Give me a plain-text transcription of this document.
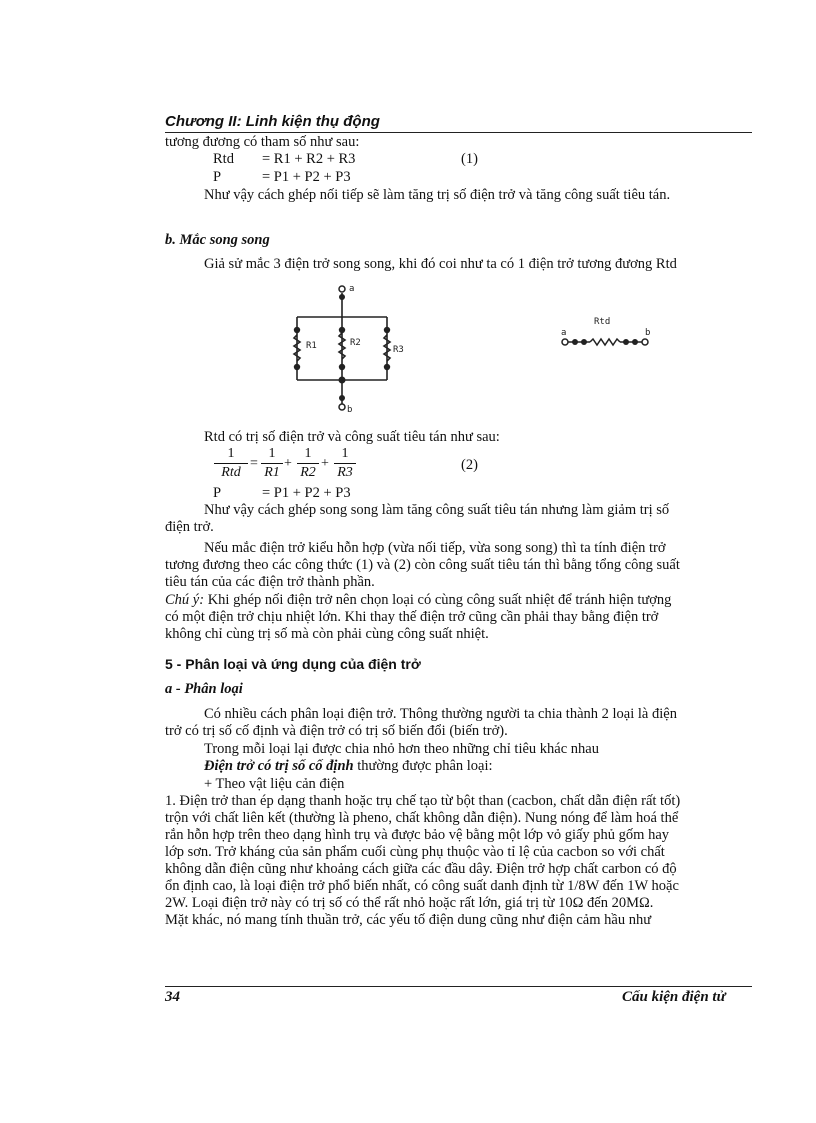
Chương II: Linh kiện thụ động
tương đương có tham số như sau:
Rtd = R1 + R2 + R3	(1)
P	= P1 + P2 + P3
Như vậy cách ghép nối tiếp sẽ làm tăng trị số điện trở và tăng công suất tiêu tán.
b. Mắc song song
Giả sử mắc 3 điện trở song song, khi đó coi như ta có 1 điện trở tương đương Rtd
a
b
R1	R2
R3
Rtd
a	b
Rtd có trị số điện trở và công suất tiêu tán như sau:
1
Rtd
=
1
R1
+
1
R2
+
1
R3	(2)
P	= P1 + P2 + P3
Như vậy cách ghép song song làm tăng công suất tiêu tán nhưng làm giảm trị số
điện trở.
Nếu mắc điện trở kiểu hỗn hợp (vừa nối tiếp, vừa song song) thì ta tính điện trở
tương đương theo các công thức (1) và (2) còn công suất tiêu tán thì bằng tổng công suất
tiêu tán của các điện trở thành phần.
Chú ý: Khi ghép nối điện trở nên chọn loại có cùng công suất nhiệt để tránh hiện tượng
có một điện trở chịu nhiệt lớn. Khi thay thế điện trở cũng cần phải thay bằng điện trở
không chỉ cùng trị số mà còn phải cùng công suất nhiệt.
5 - Phân loại và ứng dụng của điện trở
a - Phân loại
Có nhiều cách phân loại điện trở. Thông thường người ta chia thành 2 loại là điện
trở có trị số cố định và điện trở có trị số biến đổi (biến trở).
Trong mỗi loại lại được chia nhỏ hơn theo những chỉ tiêu khác nhau
Điện trở có trị số cố định thường được phân loại:
+ Theo vật liệu cản điện
1. Điện trở than ép dạng thanh hoặc trụ chế tạo từ bột than (cacbon, chất dẫn điện rất tốt)
trộn với chất liên kết (thường là pheno, chất không dẫn điện). Nung nóng để làm hoá thể
rắn hỗn hợp trên theo dạng hình trụ và được bảo vệ bằng một lớp vỏ giấy phủ gốm hay
lớp sơn. Trở kháng của sản phẩm cuối cùng phụ thuộc vào tỉ lệ của cacbon so với chất
không dẫn điện cũng như khoảng cách giữa các đầu dây. Điện trở hợp chất carbon có độ
ổn định cao, là loại điện trở phổ biến nhất, có công suất danh định từ 1/8W đến 1W hoặc
2W. Loại điện trở này có trị số có thể rất nhỏ hoặc rất lớn, giá trị từ 10Ω đến 20MΩ.
Mặt khác, nó mang tính thuần trở, các yếu tố điện dung cũng như điện cảm hầu như
34	Cấu kiện điện tử
